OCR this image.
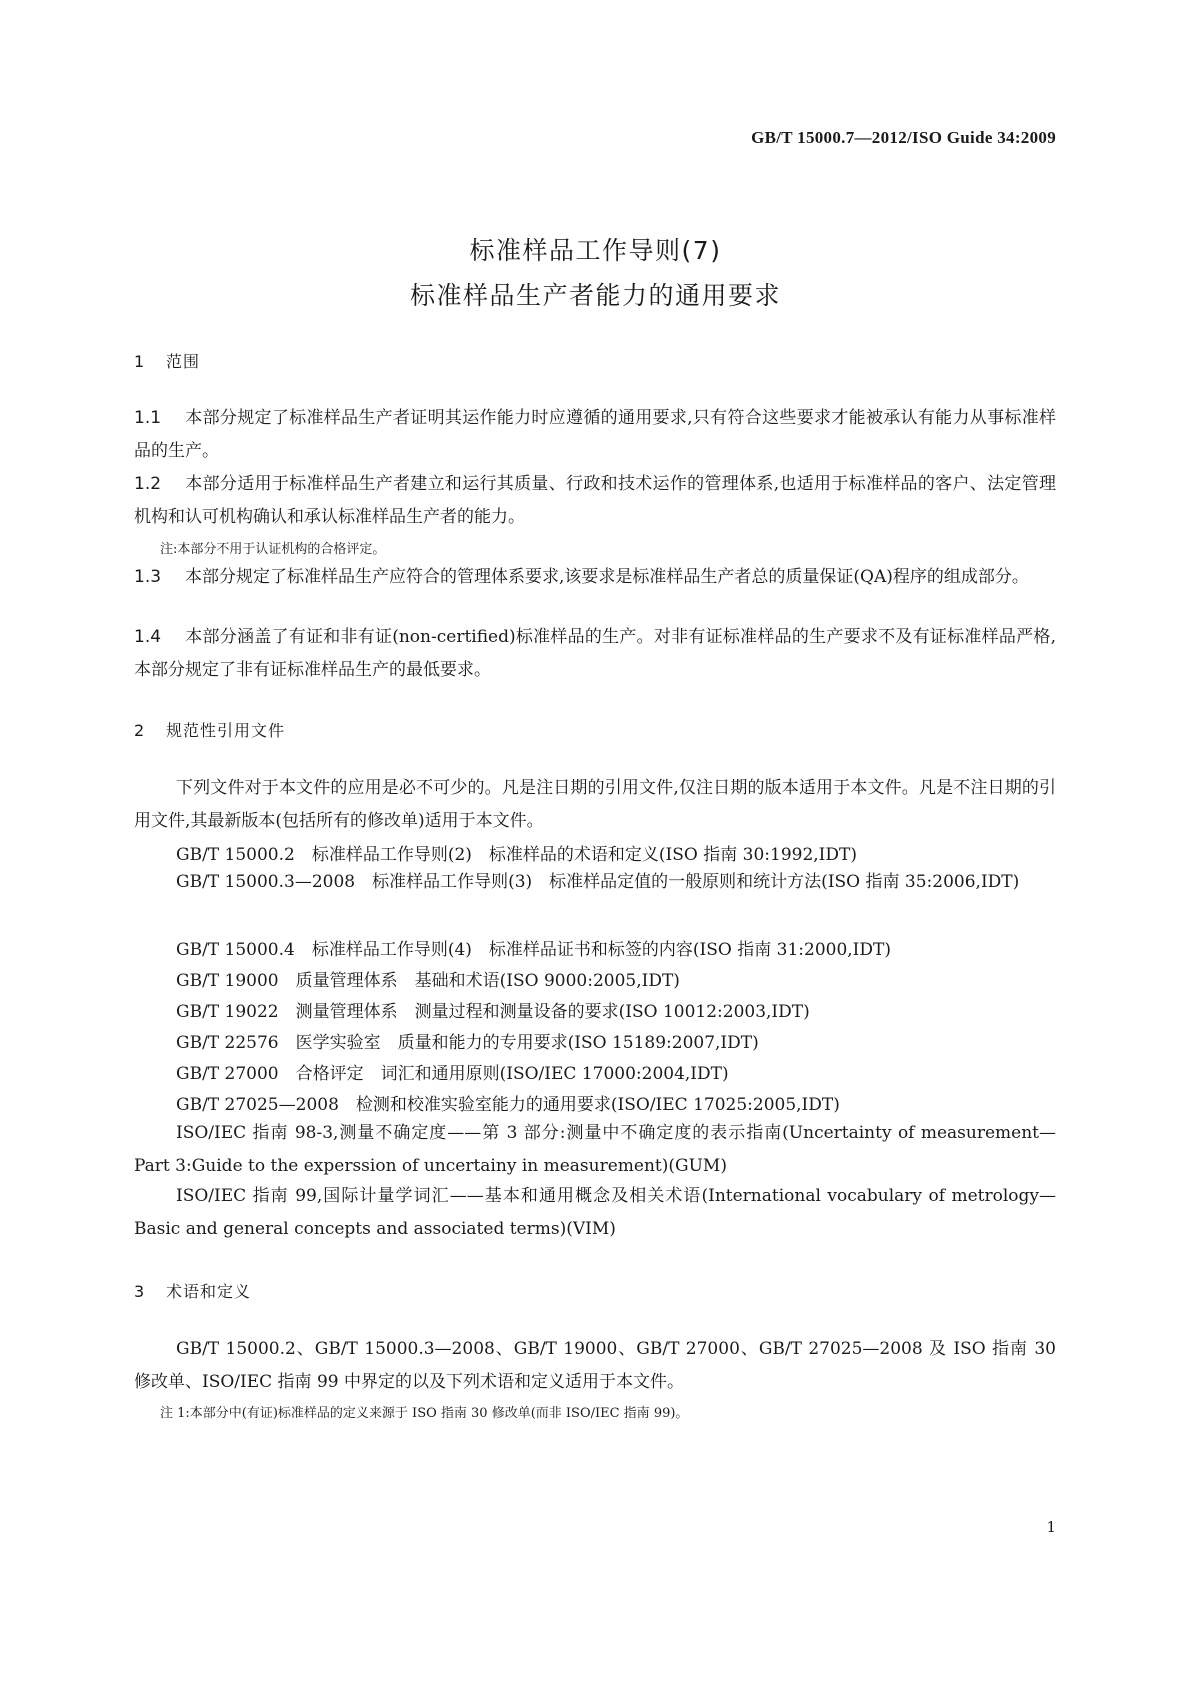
GB/T 15000.7—2012/ISO Guide 34:2009
标准样品工作导则(7)
标准样品生产者能力的通用要求
1 范围
1.1 本部分规定了标准样品生产者证明其运作能力时应遵循的通用要求,只有符合这些要求才能被承认有能力从事标准样品的生产。
1.2 本部分适用于标准样品生产者建立和运行其质量、行政和技术运作的管理体系,也适用于标准样品的客户、法定管理机构和认可机构确认和承认标准样品生产者的能力。
注:本部分不用于认证机构的合格评定。
1.3 本部分规定了标准样品生产应符合的管理体系要求,该要求是标准样品生产者总的质量保证(QA)程序的组成部分。
1.4 本部分涵盖了有证和非有证(non-certified)标准样品的生产。对非有证标准样品的生产要求不及有证标准样品严格,本部分规定了非有证标准样品生产的最低要求。
2 规范性引用文件
下列文件对于本文件的应用是必不可少的。凡是注日期的引用文件,仅注日期的版本适用于本文件。凡是不注日期的引用文件,其最新版本(包括所有的修改单)适用于本文件。
GB/T 15000.2　标准样品工作导则(2)　标准样品的术语和定义(ISO 指南 30:1992,IDT)
GB/T 15000.3—2008　标准样品工作导则(3)　标准样品定值的一般原则和统计方法(ISO 指南 35:2006,IDT)
GB/T 15000.4　标准样品工作导则(4)　标准样品证书和标签的内容(ISO 指南 31:2000,IDT)
GB/T 19000　质量管理体系　基础和术语(ISO 9000:2005,IDT)
GB/T 19022　测量管理体系　测量过程和测量设备的要求(ISO 10012:2003,IDT)
GB/T 22576　医学实验室　质量和能力的专用要求(ISO 15189:2007,IDT)
GB/T 27000　合格评定　词汇和通用原则(ISO/IEC 17000:2004,IDT)
GB/T 27025—2008　检测和校准实验室能力的通用要求(ISO/IEC 17025:2005,IDT)
ISO/IEC 指南 98-3,测量不确定度——第 3 部分:测量中不确定度的表示指南(Uncertainty of measurement—Part 3:Guide to the experssion of uncertainy in measurement)(GUM)
ISO/IEC 指南 99,国际计量学词汇——基本和通用概念及相关术语(International vocabulary of metrology—Basic and general concepts and associated terms)(VIM)
3 术语和定义
GB/T 15000.2、GB/T 15000.3—2008、GB/T 19000、GB/T 27000、GB/T 27025—2008 及 ISO 指南 30 修改单、ISO/IEC 指南 99 中界定的以及下列术语和定义适用于本文件。
注 1:本部分中(有证)标准样品的定义来源于 ISO 指南 30 修改单(而非 ISO/IEC 指南 99)。
1
